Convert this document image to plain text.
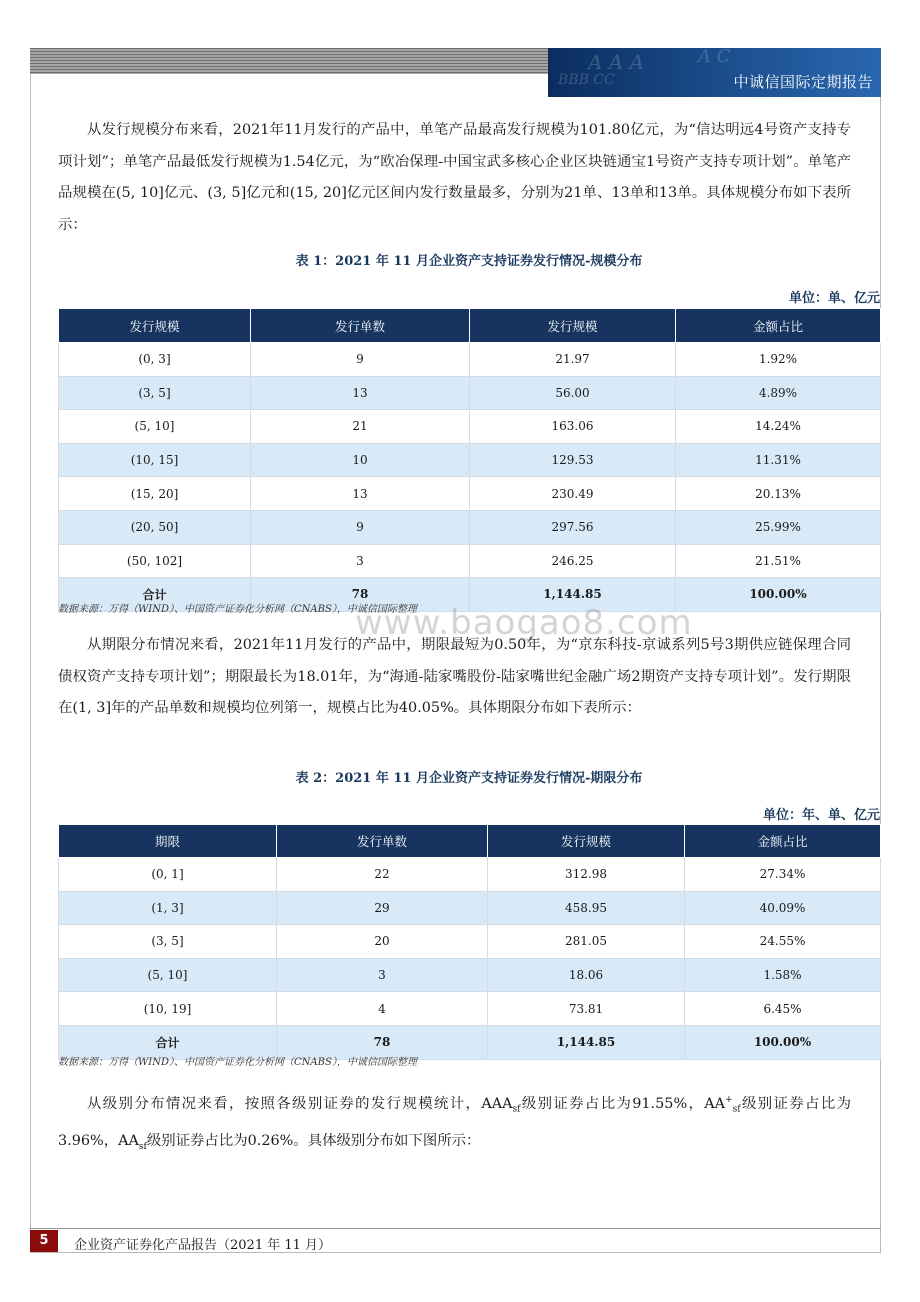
A A A	A C
BBB CC	中诚信国际定期报告

从发行规模分布来看，2021年11月发行的产品中，单笔产品最高发行规模为101.80亿元，为“信达明远4号资产支持专项计划”；单笔产品最低发行规模为1.54亿元，为“欧冶保理-中国宝武多核心企业区块链通宝1号资产支持专项计划”。单笔产品规模在(5, 10]亿元、(3, 5]亿元和(15, 20]亿元区间内发行数量最多，分别为21单、13单和13单。具体规模分布如下表所示：

表 1：2021 年 11 月企业资产支持证券发行情况-规模分布
单位：单、亿元
发行规模	发行单数	发行规模	金额占比
(0, 3]	9	21.97	1.92%
(3, 5]	13	56.00	4.89%
(5, 10]	21	163.06	14.24%
(10, 15]	10	129.53	11.31%
(15, 20]	13	230.49	20.13%
(20, 50]	9	297.56	25.99%
(50, 102]	3	246.25	21.51%
合计	78	1,144.85	100.00%
数据来源：万得（WIND）、中国资产证券化分析网（CNABS），中诚信国际整理
www.baogao8.com

从期限分布情况来看，2021年11月发行的产品中，期限最短为0.50年，为“京东科技-京诚系列5号3期供应链保理合同债权资产支持专项计划”；期限最长为18.01年，为“海通-陆家嘴股份-陆家嘴世纪金融广场2期资产支持专项计划”。发行期限在(1, 3]年的产品单数和规模均位列第一，规模占比为40.05%。具体期限分布如下表所示：

表 2：2021 年 11 月企业资产支持证券发行情况-期限分布
单位：年、单、亿元
期限	发行单数	发行规模	金额占比
(0, 1]	22	312.98	27.34%
(1, 3]	29	458.95	40.09%
(3, 5]	20	281.05	24.55%
(5, 10]	3	18.06	1.58%
(10, 19]	4	73.81	6.45%
合计	78	1,144.85	100.00%
数据来源：万得（WIND）、中国资产证券化分析网（CNABS），中诚信国际整理

从级别分布情况来看，按照各级别证券的发行规模统计，$AAA_{sf}$级别证券占比为91.55%，$AA^+_{sf}$级别证券占比为3.96%，$AA_{sf}$级别证券占比为0.26%。具体级别分布如下图所示：

5	企业资产证券化产品报告（2021 年 11 月）
